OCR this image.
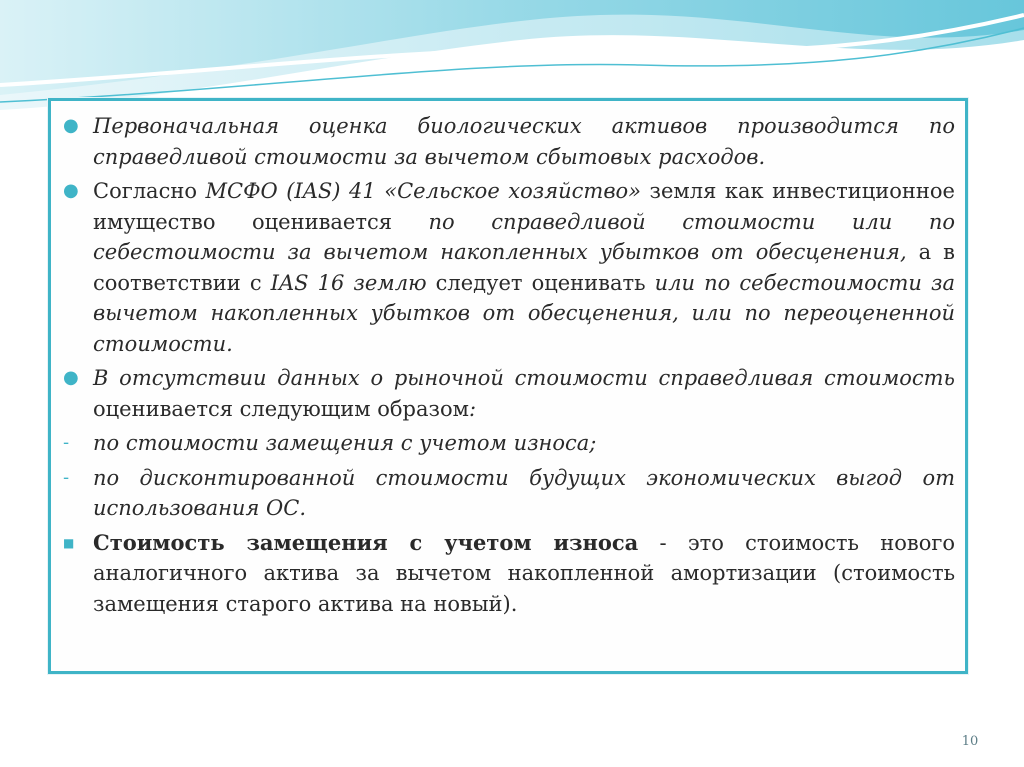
● Первоначальная оценка биологических активов производится по справедливой стоимости за вычетом сбытовых расходов.
● Согласно МСФО (IAS) 41 «Сельское хозяйство» земля как инвестиционное имущество оценивается по справедливой стоимости или по себестоимости за вычетом накопленных убытков от обесценения, а в соответствии с IAS 16 землю следует оценивать или по себестоимости за вычетом накопленных убытков от обесценения, или по переоцененной стоимости.
● В отсутствии данных о рыночной стоимости справедливая стоимость оценивается следующим образом:
- по стоимости замещения с учетом износа;
- по дисконтированной стоимости будущих экономических выгод от использования ОС.
■ Стоимость замещения с учетом износа - это стоимость нового аналогичного актива за вычетом накопленной амортизации (стоимость замещения старого актива на новый).
10
